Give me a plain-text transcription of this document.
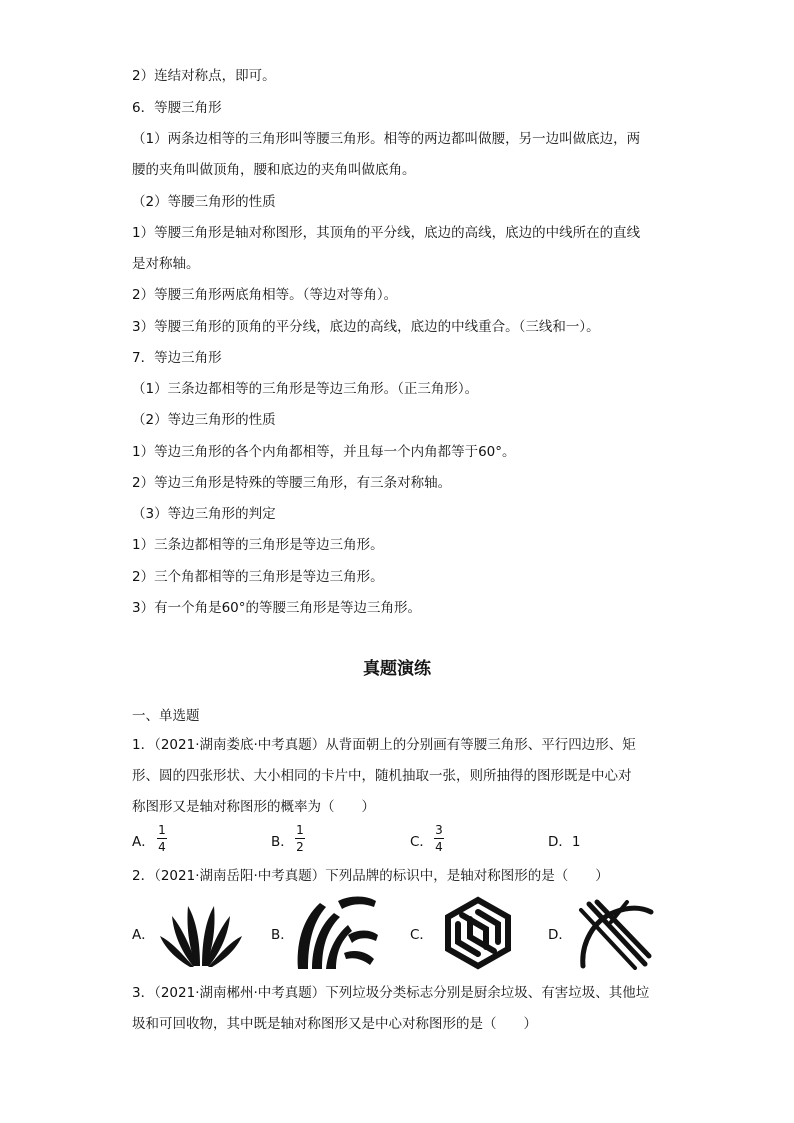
2）连结对称点，即可。
6．等腰三角形
（1）两条边相等的三角形叫等腰三角形。相等的两边都叫做腰，另一边叫做底边，两
腰的夹角叫做顶角，腰和底边的夹角叫做底角。
（2）等腰三角形的性质
1）等腰三角形是轴对称图形，其顶角的平分线，底边的高线，底边的中线所在的直线
是对称轴。
2）等腰三角形两底角相等。（等边对等角）。
3）等腰三角形的顶角的平分线，底边的高线，底边的中线重合。（三线和一）。
7．等边三角形
（1）三条边都相等的三角形是等边三角形。（正三角形）。
（2）等边三角形的性质
1）等边三角形的各个内角都相等，并且每一个内角都等于60°。
2）等边三角形是特殊的等腰三角形，有三条对称轴。
（3）等边三角形的判定
1）三条边都相等的三角形是等边三角形。
2）三个角都相等的三角形是等边三角形。
3）有一个角是60°的等腰三角形是等边三角形。
真题演练
一、单选题
1．（2021·湖南娄底·中考真题）从背面朝上的分别画有等腰三角形、平行四边形、矩
形、圆的四张形状、大小相同的卡片中，随机抽取一张，则所抽得的图形既是中心对
称图形又是轴对称图形的概率为（　　）
A．
1
4	B．
1
2	C．
3
4	D．1
2．（2021·湖南岳阳·中考真题）下列品牌的标识中，是轴对称图形的是（　　）
A．	B．	C．	D．
3．（2021·湖南郴州·中考真题）下列垃圾分类标志分别是厨余垃圾、有害垃圾、其他垃
圾和可回收物，其中既是轴对称图形又是中心对称图形的是（　　）
